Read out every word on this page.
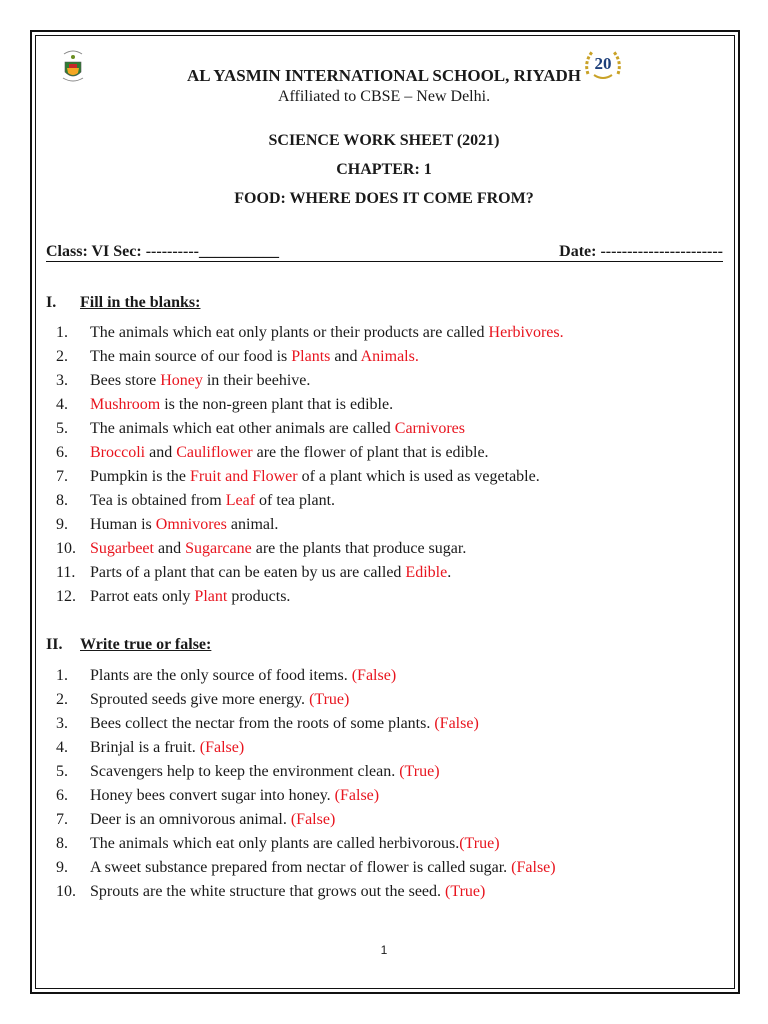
20
AL YASMIN INTERNATIONAL SCHOOL, RIYADH
Affiliated to CBSE – New Delhi.
SCIENCE WORK SHEET (2021)
CHAPTER: 1
FOOD: WHERE DOES IT COME FROM?
Class: VI Sec: ----------__________	Date: -----------------------
I. Fill in the blanks:
1. The animals which eat only plants or their products are called Herbivores.
2. The main source of our food is Plants and Animals.
3. Bees store Honey in their beehive.
4. Mushroom is the non-green plant that is edible.
5. The animals which eat other animals are called Carnivores
6. Broccoli and Cauliflower are the flower of plant that is edible.
7. Pumpkin is the Fruit and Flower of a plant which is used as vegetable.
8. Tea is obtained from Leaf of tea plant.
9. Human is Omnivores animal.
10. Sugarbeet and Sugarcane are the plants that produce sugar.
11. Parts of a plant that can be eaten by us are called Edible.
12. Parrot eats only Plant products.
II. Write true or false:
1. Plants are the only source of food items. (False)
2. Sprouted seeds give more energy. (True)
3. Bees collect the nectar from the roots of some plants. (False)
4. Brinjal is a fruit. (False)
5. Scavengers help to keep the environment clean. (True)
6. Honey bees convert sugar into honey. (False)
7. Deer is an omnivorous animal. (False)
8. The animals which eat only plants are called herbivorous.(True)
9. A sweet substance prepared from nectar of flower is called sugar. (False)
10. Sprouts are the white structure that grows out the seed. (True)
1
